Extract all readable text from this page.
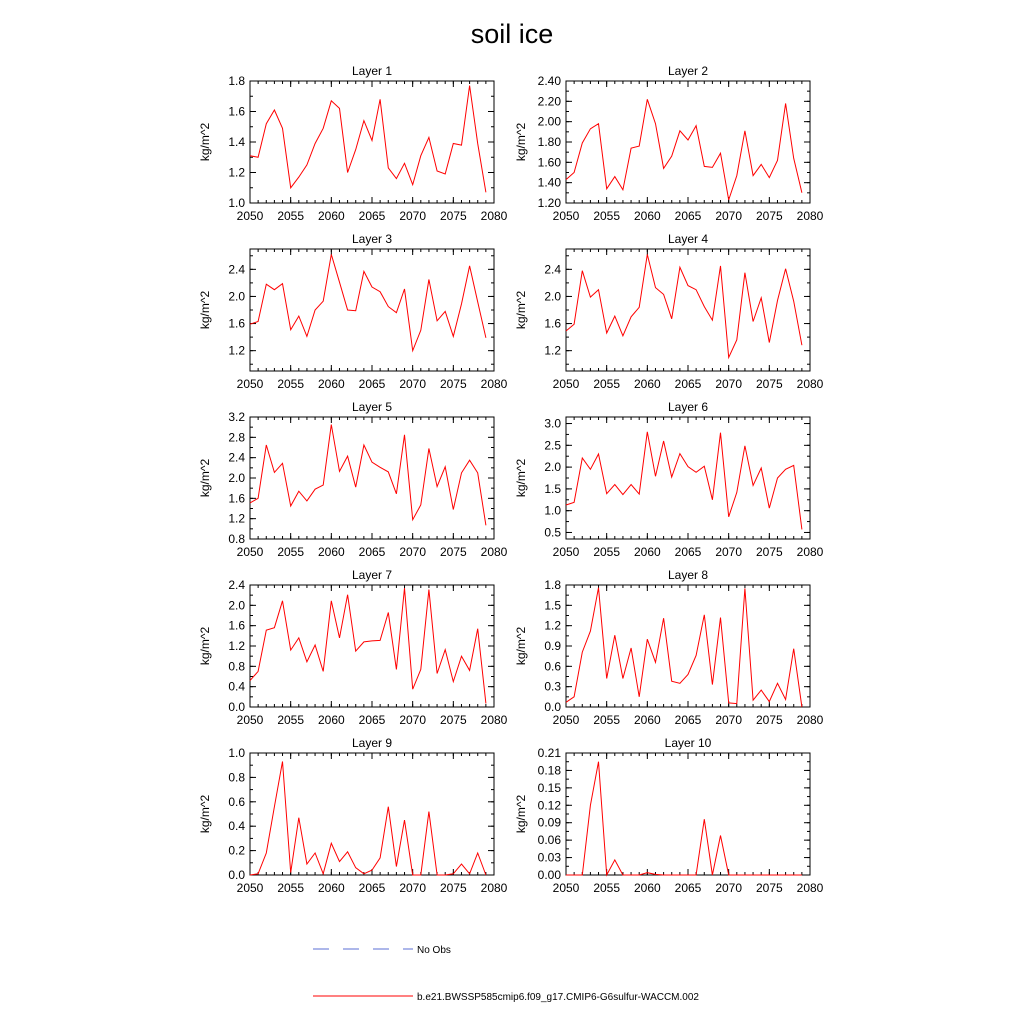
soil ice
Layer 1
2050 2055 2060 2065 2070 2075 2080
1.0
1.2
1.4
1.6
1.8
kg/m^2
Layer 2
2050 2055 2060 2065 2070 2075 2080
1.20
1.40
1.60
1.80
2.00
2.20
2.40
kg/m^2
Layer 3
2050 2055 2060 2065 2070 2075 2080
1.2
1.6
2.0
2.4
kg/m^2
Layer 4
2050 2055 2060 2065 2070 2075 2080
1.2
1.6
2.0
2.4
kg/m^2
Layer 5
2050 2055 2060 2065 2070 2075 2080
0.8
1.2
1.6
2.0
2.4
2.8
3.2
kg/m^2
Layer 6
2050 2055 2060 2065 2070 2075 2080
0.5
1.0
1.5
2.0
2.5
3.0
kg/m^2
Layer 7
2050 2055 2060 2065 2070 2075 2080
0.0
0.4
0.8
1.2
1.6
2.0
2.4
kg/m^2
Layer 8
2050 2055 2060 2065 2070 2075 2080
0.0
0.3
0.6
0.9
1.2
1.5
1.8
kg/m^2
Layer 9
2050 2055 2060 2065 2070 2075 2080
0.0
0.2
0.4
0.6
0.8
1.0
kg/m^2
Layer 10
2050 2055 2060 2065 2070 2075 2080
0.00
0.03
0.06
0.09
0.12
0.15
0.18
0.21
kg/m^2
No Obs
b.e21.BWSSP585cmip6.f09_g17.CMIP6-G6sulfur-WACCM.002
